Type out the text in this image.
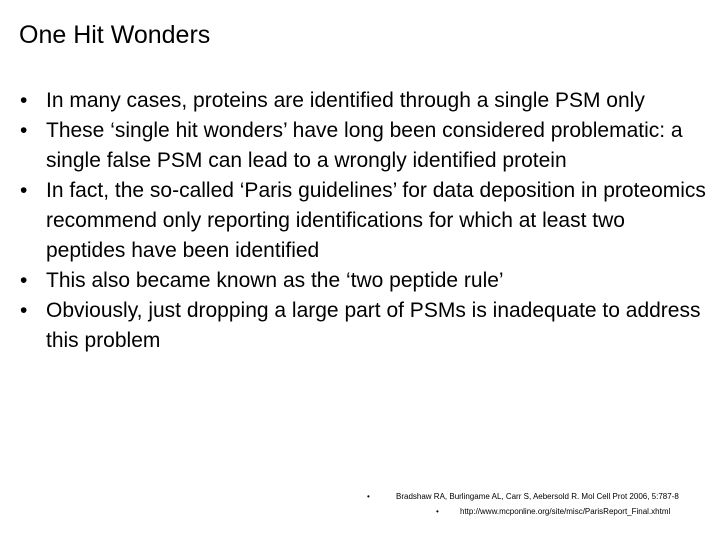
One Hit Wonders
• In many cases, proteins are identified through a single PSM only
• These ‘single hit wonders’ have long been considered problematic: a single false PSM can lead to a wrongly identified protein
• In fact, the so-called ‘Paris guidelines’ for data deposition in proteomics recommend only reporting identifications for which at least two peptides have been identified
• This also became known as the ‘two peptide rule’
• Obviously, just dropping a large part of PSMs is inadequate to address this problem
•	Bradshaw RA, Burlingame AL, Carr S, Aebersold R. Mol Cell Prot 2006, 5:787-8
•	http://www.mcponline.org/site/misc/ParisReport_Final.xhtml
